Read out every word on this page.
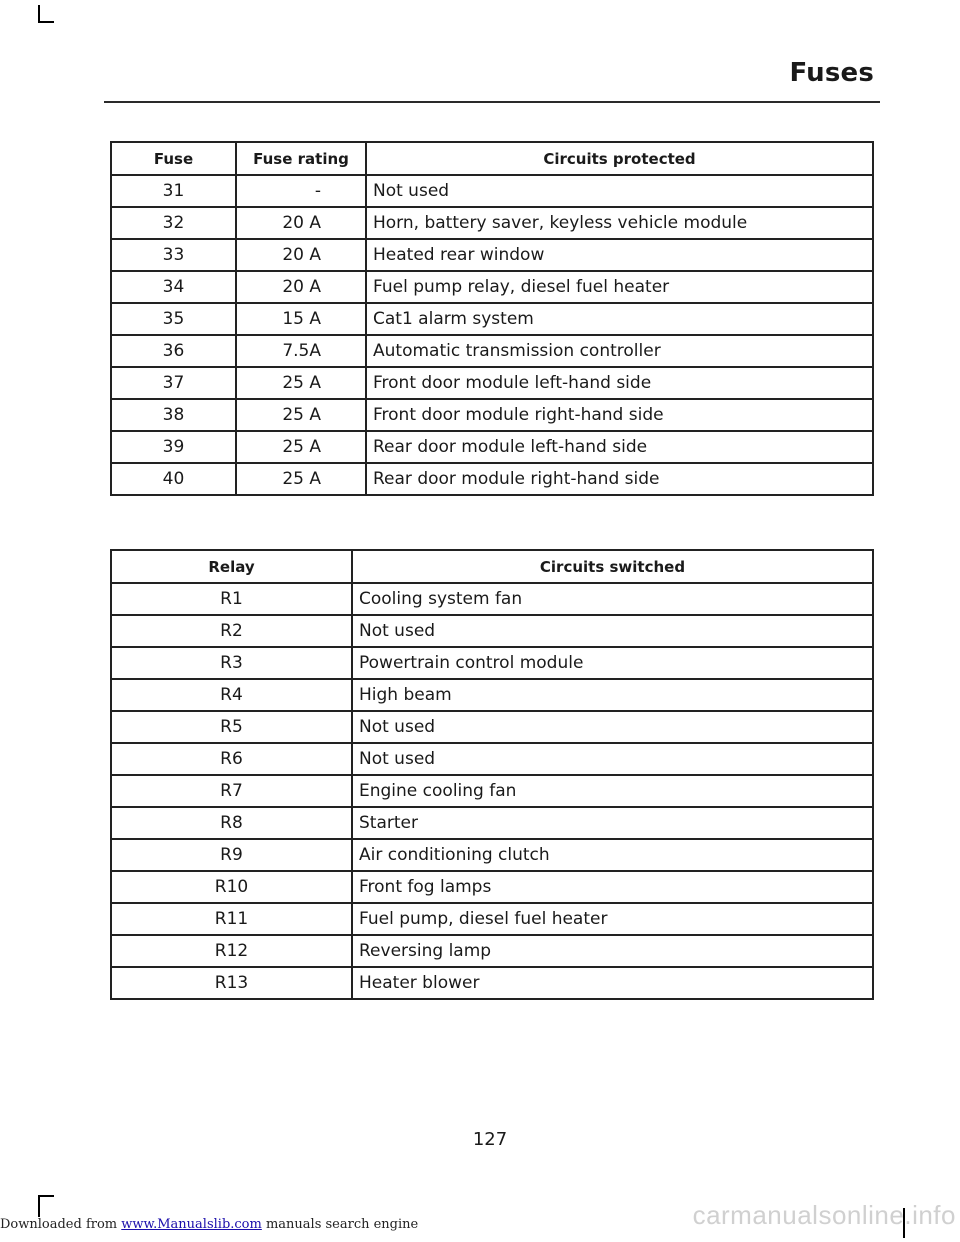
Fuses
Fuse	Fuse rating	Circuits protected
31	-	Not used
32	20 A	Horn, battery saver, keyless vehicle module
33	20 A	Heated rear window
34	20 A	Fuel pump relay, diesel fuel heater
35	15 A	Cat1 alarm system
36	7.5A	Automatic transmission controller
37	25 A	Front door module left-hand side
38	25 A	Front door module right-hand side
39	25 A	Rear door module left-hand side
40	25 A	Rear door module right-hand side
Relay	Circuits switched
R1	Cooling system fan
R2	Not used
R3	Powertrain control module
R4	High beam
R5	Not used
R6	Not used
R7	Engine cooling fan
R8	Starter
R9	Air conditioning clutch
R10	Front fog lamps
R11	Fuel pump, diesel fuel heater
R12	Reversing lamp
R13	Heater blower
127
Downloaded from www.Manualslib.com manuals search engine	carmanualsonline.info
